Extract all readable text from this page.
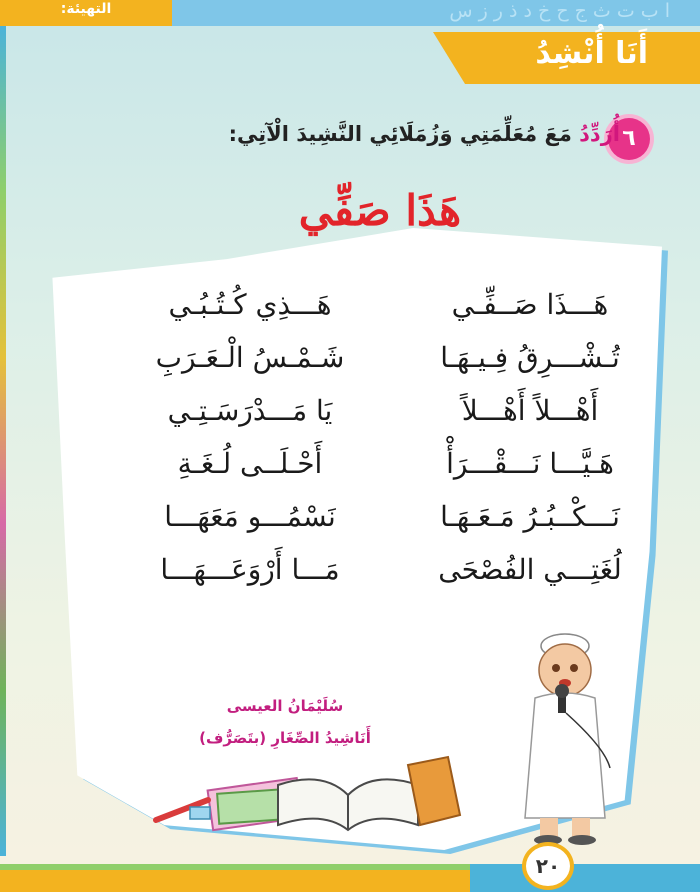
التهيئة:	ا ب ت ث ج ح خ د ذ ر ز س
أَنَا أُنْشِدُ
٦
أُرَدِّدُ مَعَ مُعَلِّمَتِي وَزُمَلَائِي النَّشِيدَ الْآتِي:
هَذَا صَفِّي
هَـــذَا صَــفِّـي
هَـــذِي كُـتُـبُـي
تُـشْـــرِقُ فِـيـهَـا
شَـمْـسُ الْـعَـرَبِ
أَهْـــلاً أَهْـــلاً
يَا مَـــدْرَسَـتِـي
هَـيَّـــا نَـــقْـــرَأْ
أَحْـلَــى لُـغَـةِ
نَـــكْــبُـرُ مَـعَـهَـا
نَسْمُـــو مَعَهَـــا
لُغَتِـــي الفُصْحَى
مَـــا أَرْوَعَـــهَـــا
سُلَيْمَانُ العيسى
أَنَاشِيدُ الصِّغَارِ (بتَصَرُّف)
٢٠
